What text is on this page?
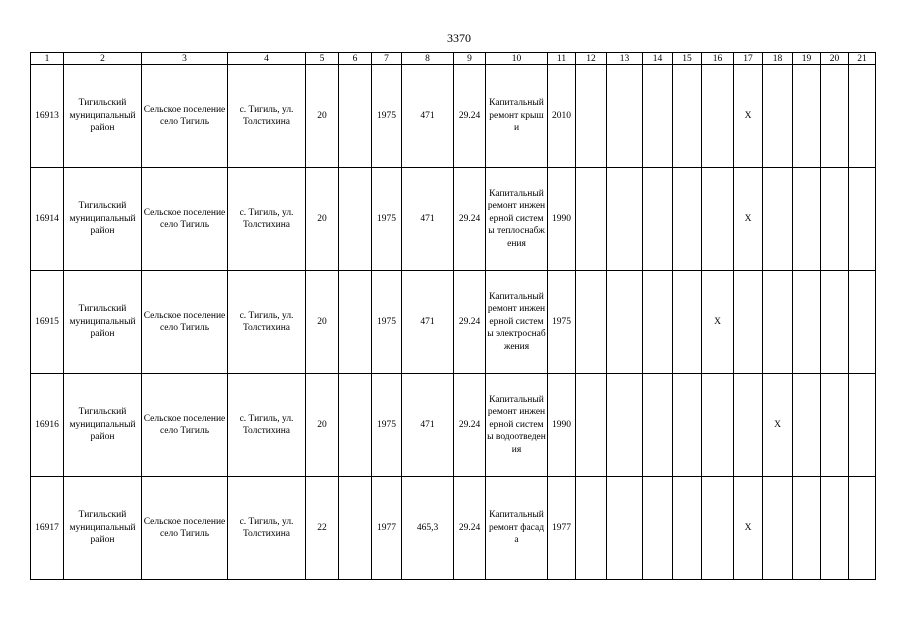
3370
1	2	3	4	5	6	7	8	9	10	11	12	13	14	15	16	17	18	19	20	21

16913	Тигильский муниципальный район	Сельское поселение село Тигиль	с. Тигиль, ул. Толстихина	20		1975	471	29.24	Капитальный ремонт крыши	2010						X				

16914	Тигильский муниципальный район	Сельское поселение село Тигиль	с. Тигиль, ул. Толстихина	20		1975	471	29.24	Капитальный ремонт инженерной системы теплоснабжения	1990						X				

16915	Тигильский муниципальный район	Сельское поселение село Тигиль	с. Тигиль, ул. Толстихина	20		1975	471	29.24	Капитальный ремонт инженерной системы электроснабжения	1975					X					

16916	Тигильский муниципальный район	Сельское поселение село Тигиль	с. Тигиль, ул. Толстихина	20		1975	471	29.24	Капитальный ремонт инженерной системы водоотведения	1990							X			

16917	Тигильский муниципальный район	Сельское поселение село Тигиль	с. Тигиль, ул. Толстихина	22		1977	465,3	29.24	Капитальный ремонт фасада	1977						X				
